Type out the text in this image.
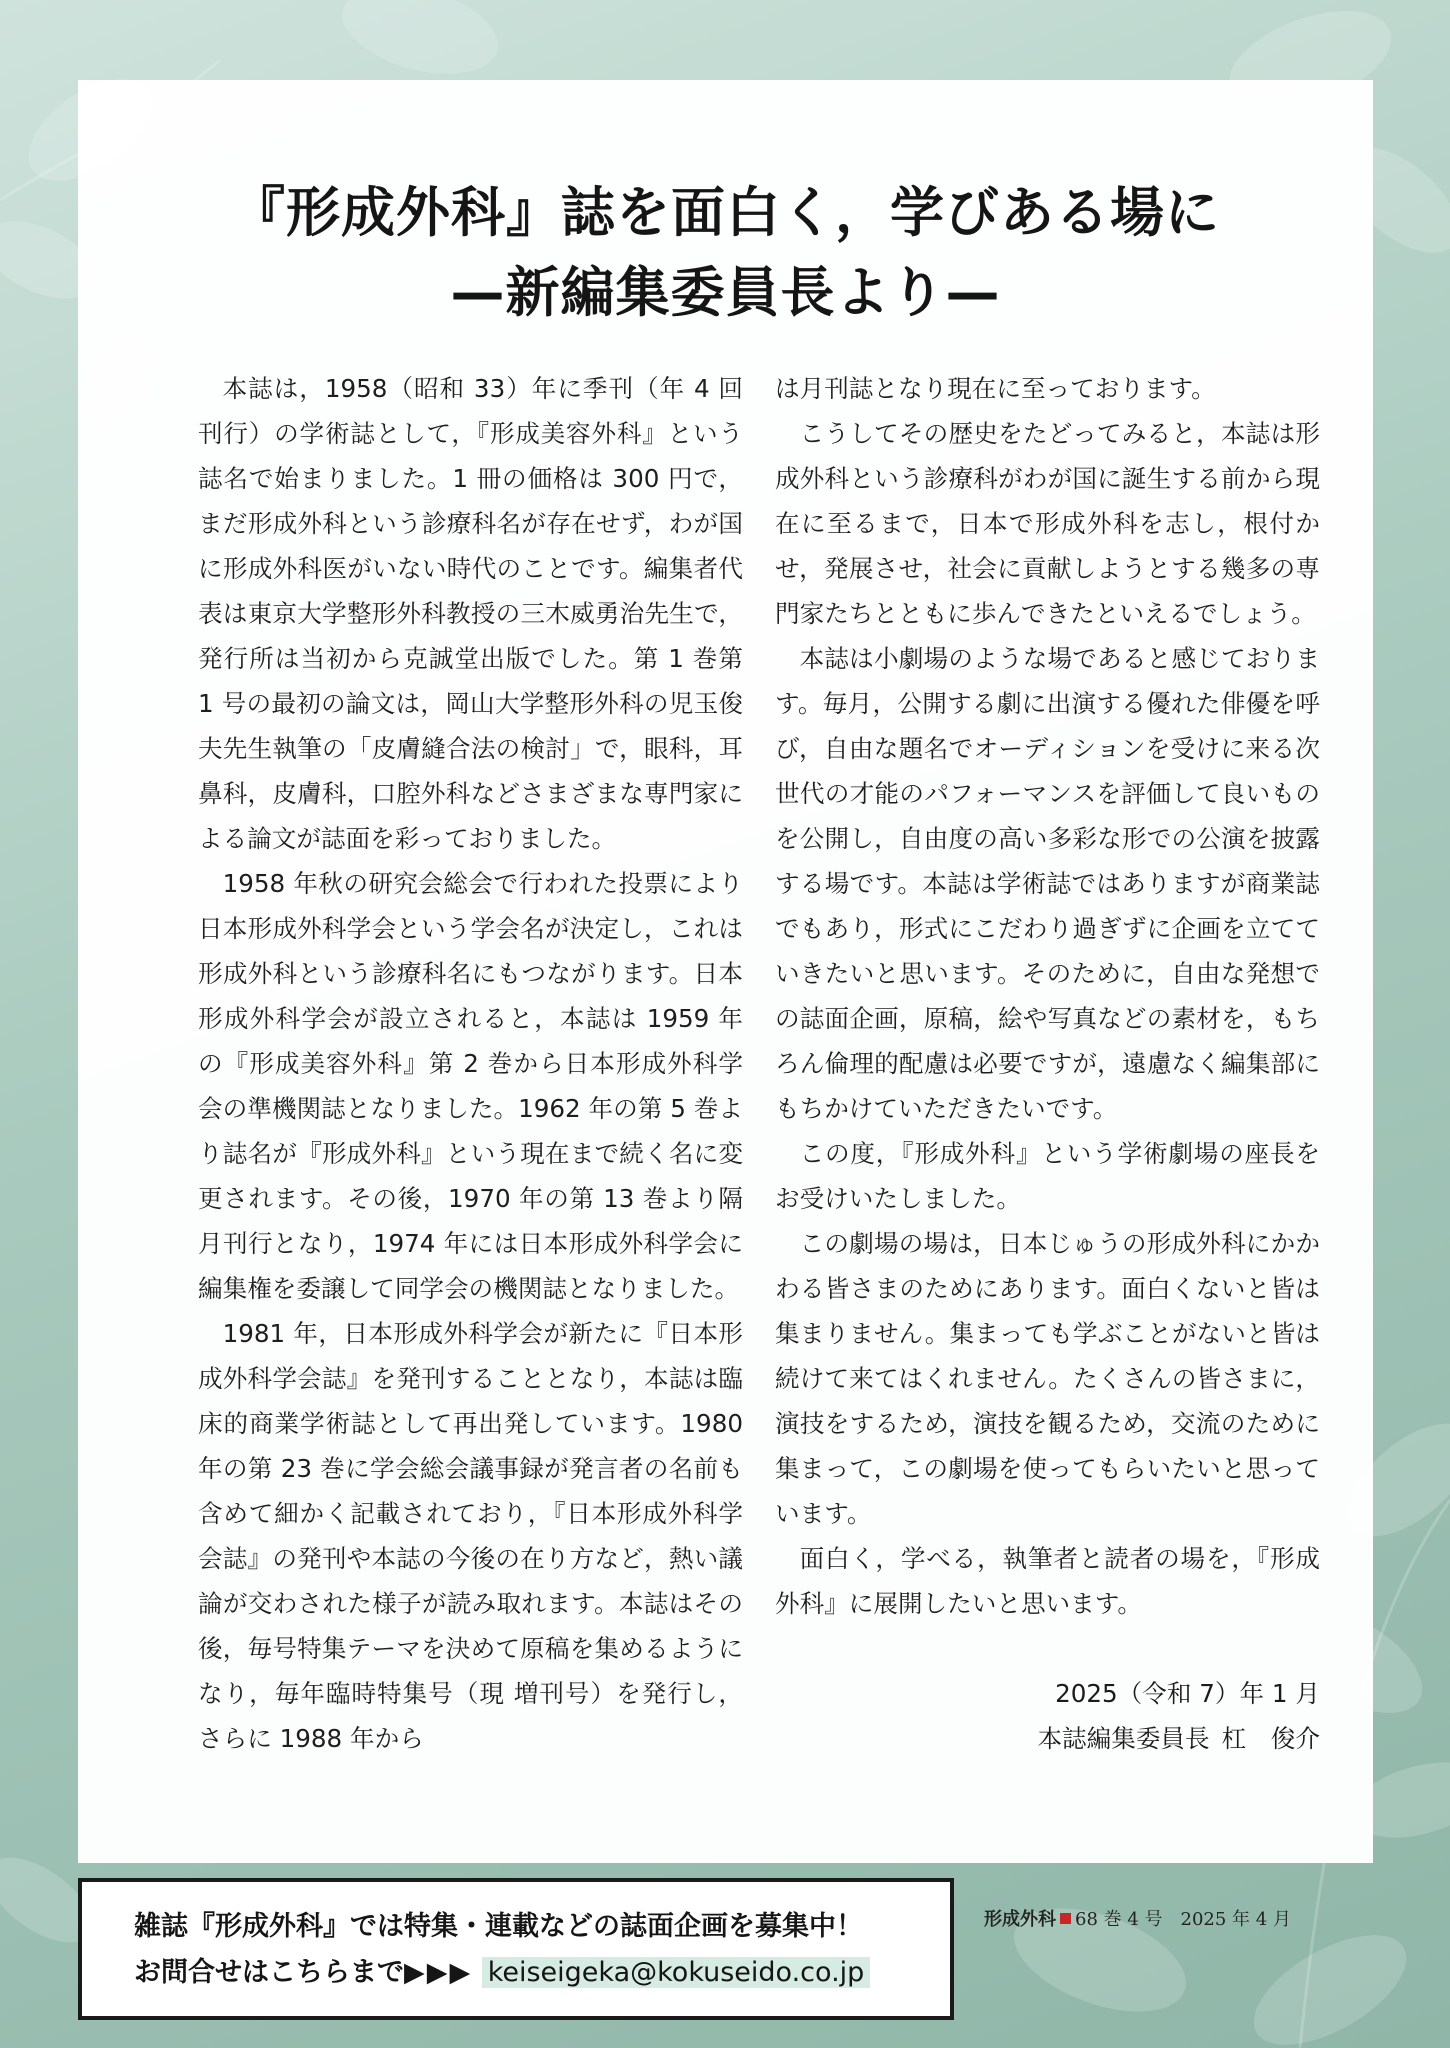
『形成外科』誌を面白く，学びある場に
—新編集委員長より—

本誌は，1958（昭和 33）年に季刊（年 4 回刊行）の学術誌として，『形成美容外科』という誌名で始まりました。1 冊の価格は 300 円で，まだ形成外科という診療科名が存在せず，わが国に形成外科医がいない時代のことです。編集者代表は東京大学整形外科教授の三木威勇治先生で，発行所は当初から克誠堂出版でした。第 1 巻第 1 号の最初の論文は，岡山大学整形外科の児玉俊夫先生執筆の「皮膚縫合法の検討」で，眼科，耳鼻科，皮膚科，口腔外科などさまざまな専門家による論文が誌面を彩っておりました。

1958 年秋の研究会総会で行われた投票により日本形成外科学会という学会名が決定し，これは形成外科という診療科名にもつながります。日本形成外科学会が設立されると，本誌は 1959 年の『形成美容外科』第 2 巻から日本形成外科学会の準機関誌となりました。1962 年の第 5 巻より誌名が『形成外科』という現在まで続く名に変更されます。その後，1970 年の第 13 巻より隔月刊行となり，1974 年には日本形成外科学会に編集権を委譲して同学会の機関誌となりました。

1981 年，日本形成外科学会が新たに『日本形成外科学会誌』を発刊することとなり，本誌は臨床的商業学術誌として再出発しています。1980 年の第 23 巻に学会総会議事録が発言者の名前も含めて細かく記載されており，『日本形成外科学会誌』の発刊や本誌の今後の在り方など，熱い議論が交わされた様子が読み取れます。本誌はその後，毎号特集テーマを決めて原稿を集めるようになり，毎年臨時特集号（現 増刊号）を発行し，さらに 1988 年から

は月刊誌となり現在に至っております。

こうしてその歴史をたどってみると，本誌は形成外科という診療科がわが国に誕生する前から現在に至るまで，日本で形成外科を志し，根付かせ，発展させ，社会に貢献しようとする幾多の専門家たちとともに歩んできたといえるでしょう。

本誌は小劇場のような場であると感じております。毎月，公開する劇に出演する優れた俳優を呼び，自由な題名でオーディションを受けに来る次世代の才能のパフォーマンスを評価して良いものを公開し，自由度の高い多彩な形での公演を披露する場です。本誌は学術誌ではありますが商業誌でもあり，形式にこだわり過ぎずに企画を立てていきたいと思います。そのために，自由な発想での誌面企画，原稿，絵や写真などの素材を，もちろん倫理的配慮は必要ですが，遠慮なく編集部にもちかけていただきたいです。

この度，『形成外科』という学術劇場の座長をお受けいたしました。

この劇場の場は，日本じゅうの形成外科にかかわる皆さまのためにあります。面白くないと皆は集まりません。集まっても学ぶことがないと皆は続けて来てはくれません。たくさんの皆さまに，演技をするため，演技を観るため，交流のために集まって，この劇場を使ってもらいたいと思っています。

面白く，学べる，執筆者と読者の場を，『形成外科』に展開したいと思います。

2025（令和 7）年 1 月
本誌編集委員長 杠　俊介
雑誌『形成外科』では特集・連載などの誌面企画を募集中！
お問合せはこちらまで▶▶▶ keiseigeka@kokuseido.co.jp
形成外科 68 巻 4 号　2025 年 4 月
